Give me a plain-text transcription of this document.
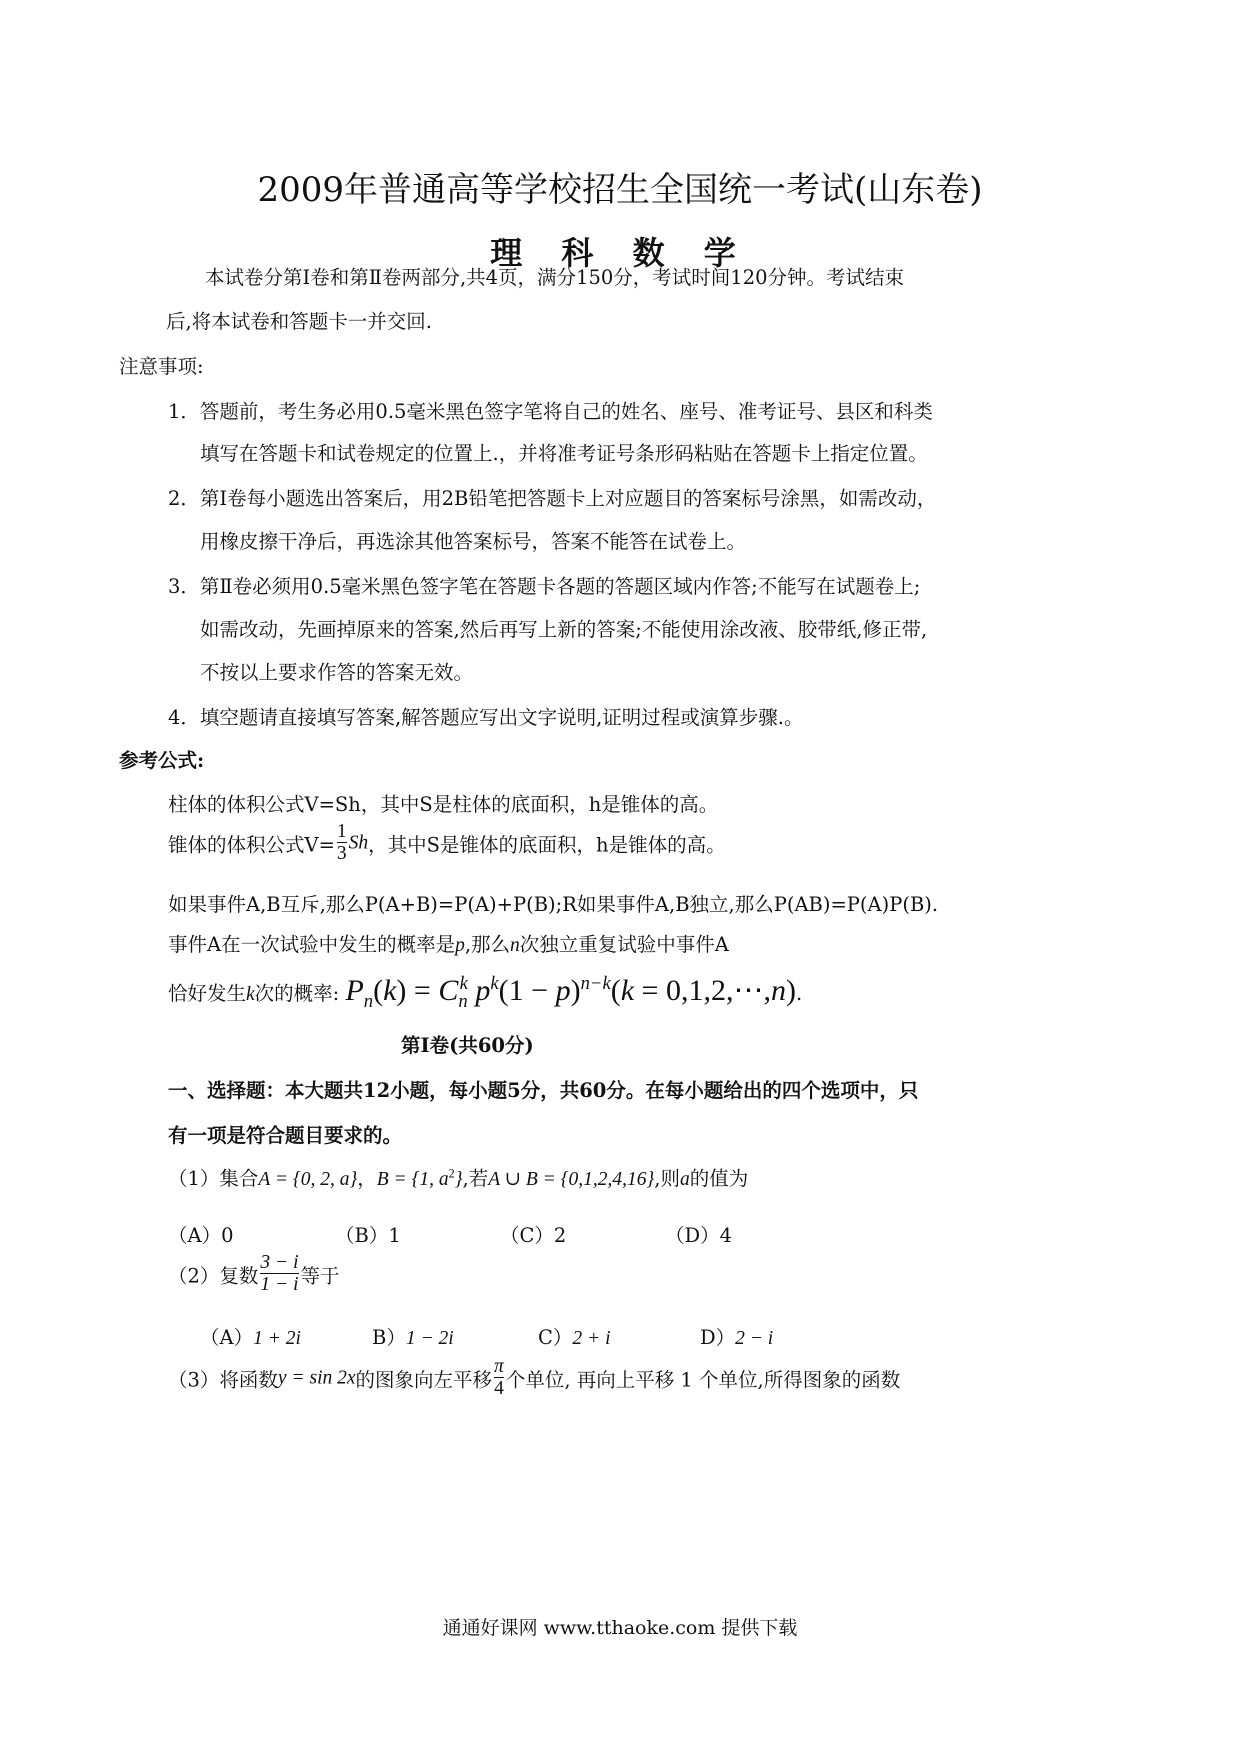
2009年普通高等学校招生全国统一考试(山东卷)
理 科 数 学
本试卷分第Ⅰ卷和第Ⅱ卷两部分,共4页，满分150分，考试时间120分钟。考试结束
后,将本试卷和答题卡一并交回.
注意事项:
1．答题前，考生务必用0.5毫米黑色签字笔将自己的姓名、座号、准考证号、县区和科类
填写在答题卡和试卷规定的位置上.，并将准考证号条形码粘贴在答题卡上指定位置。
2．第Ⅰ卷每小题选出答案后，用2B铅笔把答题卡上对应题目的答案标号涂黑，如需改动，
用橡皮擦干净后，再选涂其他答案标号，答案不能答在试卷上。
3．第Ⅱ卷必须用0.5毫米黑色签字笔在答题卡各题的答题区域内作答;不能写在试题卷上;
如需改动，先画掉原来的答案,然后再写上新的答案;不能使用涂改液、胶带纸,修正带,
不按以上要求作答的答案无效。
4．填空题请直接填写答案,解答题应写出文字说明,证明过程或演算步骤.。
参考公式:
柱体的体积公式V=Sh，其中S是柱体的底面积，h是锥体的高。
锥体的体积公式$V= \frac{1}{3}$ Sh，其中S是锥体的底面积，h是锥体的高。
如果事件A,B互斥,那么P(A+B)=P(A)+P(B);R如果事件A,B独立,那么P(AB)=P(A)P(B).
事件A在一次试验中发生的概率是p,那么n次独立重复试验中事件A
恰好发生k次的概率: $P_n(k) = C_n^k$ $p^k(1 - p)^{n-k}(k$ = 0,1,2,⋯,n).
第Ⅰ卷(共60分)
一、选择题：本大题共12小题，每小题5分，共60分。在每小题给出的四个选项中，只
有一项是符合题目要求的。
（1）集合A = {0, 2, a}，B = {1, $a^2$},若A ∪ B = {0,1,2,4,16},则a的值为
（A）0	（B）1	（C）2	（D）4
（2）复数 $\frac{3 - i}{1 - i}$ 等于
（A）1 + 2i	B）1 − 2i	C）2 + i	D）2 − i
（3）将函数y = sin 2x的图象向左平移 $\frac{\pi}{4}$ 个单位, 再向上平移 1 个单位,所得图象的函数
通通好课网 www.tthaoke.com 提供下载
